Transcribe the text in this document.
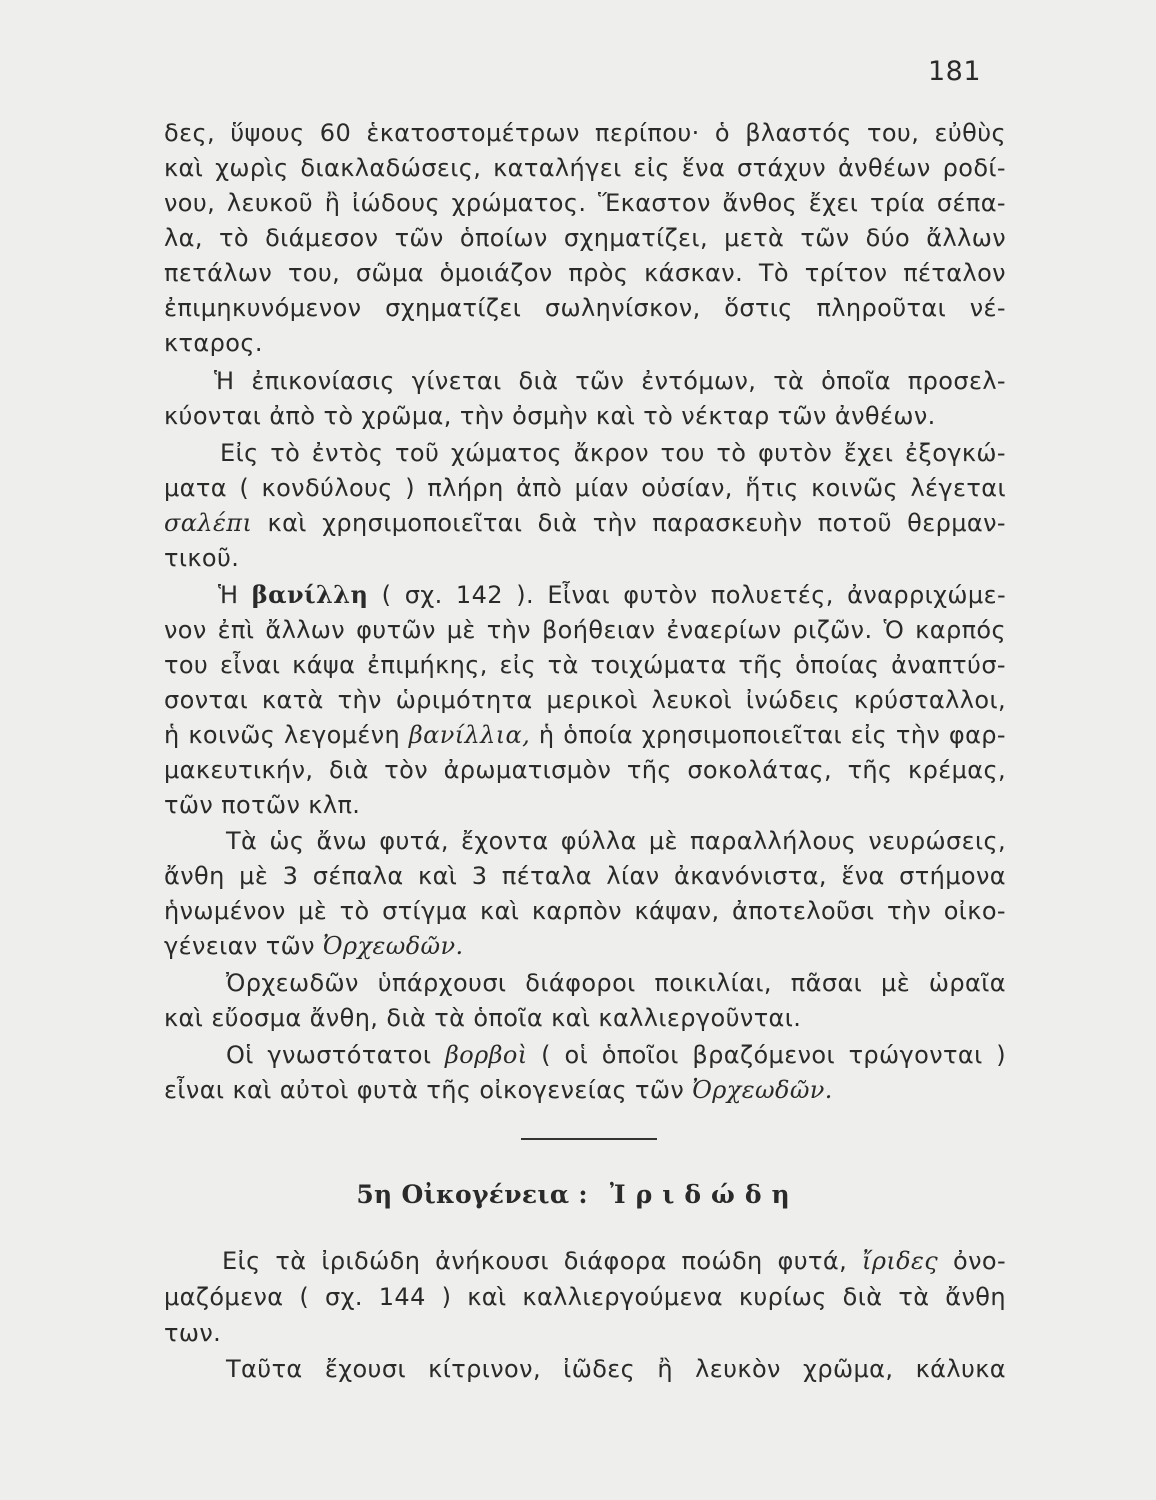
181
δες, ὕψους 60 ἑκατοστομέτρων περίπου· ὁ βλαστός του, εὐθὺς
καὶ χωρὶς διακλαδώσεις, καταλήγει εἰς ἕνα στάχυν ἀνθέων ροδί-
νου, λευκοῦ ἢ ἰώδους χρώματος. Ἕκαστον ἄνθος ἔχει τρία σέπα-
λα, τὸ διάμεσον τῶν ὁποίων σχηματίζει, μετὰ τῶν δύο ἄλλων
πετάλων του, σῶμα ὁμοιάζον πρὸς κάσκαν. Τὸ τρίτον πέταλον
ἐπιμηκυνόμενον σχηματίζει σωληνίσκον, ὅστις πληροῦται νέ-
κταρος.
Ἡ ἐπικονίασις γίνεται διὰ τῶν ἐντόμων, τὰ ὁποῖα προσελ-
κύονται ἀπὸ τὸ χρῶμα, τὴν ὀσμὴν καὶ τὸ νέκταρ τῶν ἀνθέων.
Εἰς τὸ ἐντὸς τοῦ χώματος ἄκρον του τὸ φυτὸν ἔχει ἐξογκώ-
ματα ( κονδύλους ) πλήρη ἀπὸ μίαν οὐσίαν, ἥτις κοινῶς λέγεται
σαλέπι καὶ χρησιμοποιεῖται διὰ τὴν παρασκευὴν ποτοῦ θερμαν-
τικοῦ.
Ἡ βανίλλη ( σχ. 142 ). Εἶναι φυτὸν πολυετές, ἀναρριχώμε-
νον ἐπὶ ἄλλων φυτῶν μὲ τὴν βοήθειαν ἐναερίων ριζῶν. Ὁ καρπός
του εἶναι κάψα ἐπιμήκης, εἰς τὰ τοιχώματα τῆς ὁποίας ἀναπτύσ-
σονται κατὰ τὴν ὡριμότητα μερικοὶ λευκοὶ ἰνώδεις κρύσταλλοι,
ἡ κοινῶς λεγομένη βανίλλια, ἡ ὁποία χρησιμοποιεῖται εἰς τὴν φαρ-
μακευτικήν, διὰ τὸν ἀρωματισμὸν τῆς σοκολάτας, τῆς κρέμας,
τῶν ποτῶν κλπ.
Τὰ ὡς ἄνω φυτά, ἔχοντα φύλλα μὲ παραλλήλους νευρώσεις,
ἄνθη μὲ 3 σέπαλα καὶ 3 πέταλα λίαν ἀκανόνιστα, ἕνα στήμονα
ἡνωμένον μὲ τὸ στίγμα καὶ καρπὸν κάψαν, ἀποτελοῦσι τὴν οἰκο-
γένειαν τῶν Ὀρχεωδῶν.
Ὀρχεωδῶν ὑπάρχουσι διάφοροι ποικιλίαι, πᾶσαι μὲ ὡραῖα
καὶ εὔοσμα ἄνθη, διὰ τὰ ὁποῖα καὶ καλλιεργοῦνται.
Οἱ γνωστότατοι βορβοὶ ( οἱ ὁποῖοι βραζόμενοι τρώγονται )
εἶναι καὶ αὐτοὶ φυτὰ τῆς οἰκογενείας τῶν Ὀρχεωδῶν.
5η Οἰκογένεια : Ἰριδώδη
Εἰς τὰ ἰριδώδη ἀνήκουσι διάφορα ποώδη φυτά, ἴριδες ὀνο-
μαζόμενα ( σχ. 144 ) καὶ καλλιεργούμενα κυρίως διὰ τὰ ἄνθη
των.
Ταῦτα ἔχουσι κίτρινον, ἰῶδες ἢ λευκὸν χρῶμα, κάλυκα
